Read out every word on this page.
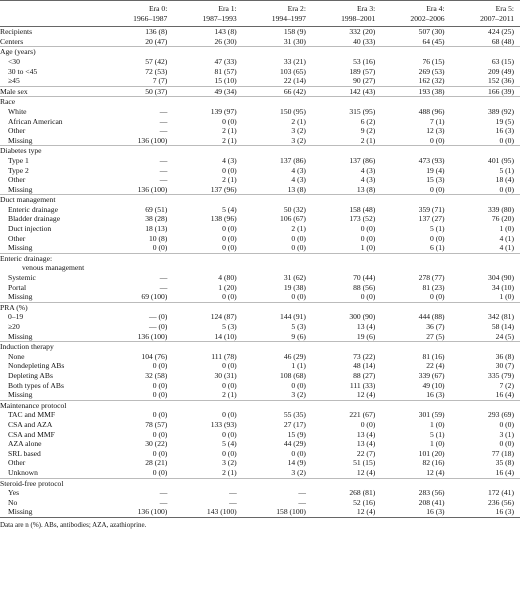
	Era 0:	Era 1:	Era 2:	Era 3:	Era 4:	Era 5:
	1966–1987	1987–1993	1994–1997	1998–2001	2002–2006	2007–2011
Recipients	136 (8)	143 (8)	158 (9)	332 (20)	507 (30)	424 (25)
Centers	20 (47)	26 (30)	31 (30)	40 (33)	64 (45)	68 (48)
Age (years)						
<30	57 (42)	47 (33)	33 (21)	53 (16)	76 (15)	63 (15)
30 to <45	72 (53)	81 (57)	103 (65)	189 (57)	269 (53)	209 (49)
≥45	7 (7)	15 (10)	22 (14)	90 (27)	162 (32)	152 (36)
Male sex	50 (37)	49 (34)	66 (42)	142 (43)	193 (38)	166 (39)
Race						
White	—	139 (97)	150 (95)	315 (95)	488 (96)	389 (92)
African American	—	0 (0)	2 (1)	6 (2)	7 (1)	19 (5)
Other	—	2 (1)	3 (2)	9 (2)	12 (3)	16 (3)
Missing	136 (100)	2 (1)	3 (2)	2 (1)	0 (0)	0 (0)
Diabetes type						
Type 1	—	4 (3)	137 (86)	137 (86)	473 (93)	401 (95)
Type 2	—	0 (0)	4 (3)	4 (3)	19 (4)	5 (1)
Other	—	2 (1)	4 (3)	4 (3)	15 (3)	18 (4)
Missing	136 (100)	137 (96)	13 (8)	13 (8)	0 (0)	0 (0)
Duct management						
Enteric drainage	69 (51)	5 (4)	50 (32)	158 (48)	359 (71)	339 (80)
Bladder drainage	38 (28)	138 (96)	106 (67)	173 (52)	137 (27)	76 (20)
Duct injection	18 (13)	0 (0)	2 (1)	0 (0)	5 (1)	1 (0)
Other	10 (8)	0 (0)	0 (0)	0 (0)	0 (0)	4 (1)
Missing	0 (0)	0 (0)	0 (0)	1 (0)	6 (1)	4 (1)
Enteric drainage:						
venous management						
Systemic	—	4 (80)	31 (62)	70 (44)	278 (77)	304 (90)
Portal	—	1 (20)	19 (38)	88 (56)	81 (23)	34 (10)
Missing	69 (100)	0 (0)	0 (0)	0 (0)	0 (0)	1 (0)
PRA (%)						
0–19	— (0)	124 (87)	144 (91)	300 (90)	444 (88)	342 (81)
≥20	— (0)	5 (3)	5 (3)	13 (4)	36 (7)	58 (14)
Missing	136 (100)	14 (10)	9 (6)	19 (6)	27 (5)	24 (5)
Induction therapy						
None	104 (76)	111 (78)	46 (29)	73 (22)	81 (16)	36 (8)
Nondepleting ABs	0 (0)	0 (0)	1 (1)	48 (14)	22 (4)	30 (7)
Depleting ABs	32 (58)	30 (31)	108 (68)	88 (27)	339 (67)	335 (79)
Both types of ABs	0 (0)	0 (0)	0 (0)	111 (33)	49 (10)	7 (2)
Missing	0 (0)	2 (1)	3 (2)	12 (4)	16 (3)	16 (4)
Maintenance protocol						
TAC and MMF	0 (0)	0 (0)	55 (35)	221 (67)	301 (59)	293 (69)
CSA and AZA	78 (57)	133 (93)	27 (17)	0 (0)	1 (0)	0 (0)
CSA and MMF	0 (0)	0 (0)	15 (9)	13 (4)	5 (1)	3 (1)
AZA alone	30 (22)	5 (4)	44 (29)	13 (4)	1 (0)	0 (0)
SRL based	0 (0)	0 (0)	0 (0)	22 (7)	101 (20)	77 (18)
Other	28 (21)	3 (2)	14 (9)	51 (15)	82 (16)	35 (8)
Unknown	0 (0)	2 (1)	3 (2)	12 (4)	12 (4)	16 (4)
Steroid-free protocol						
Yes	—	—	—	268 (81)	283 (56)	172 (41)
No	—	—	—	52 (16)	208 (41)	236 (56)
Missing	136 (100)	143 (100)	158 (100)	12 (4)	16 (3)	16 (3)
Data are n (%). ABs, antibodies; AZA, azathioprine.
